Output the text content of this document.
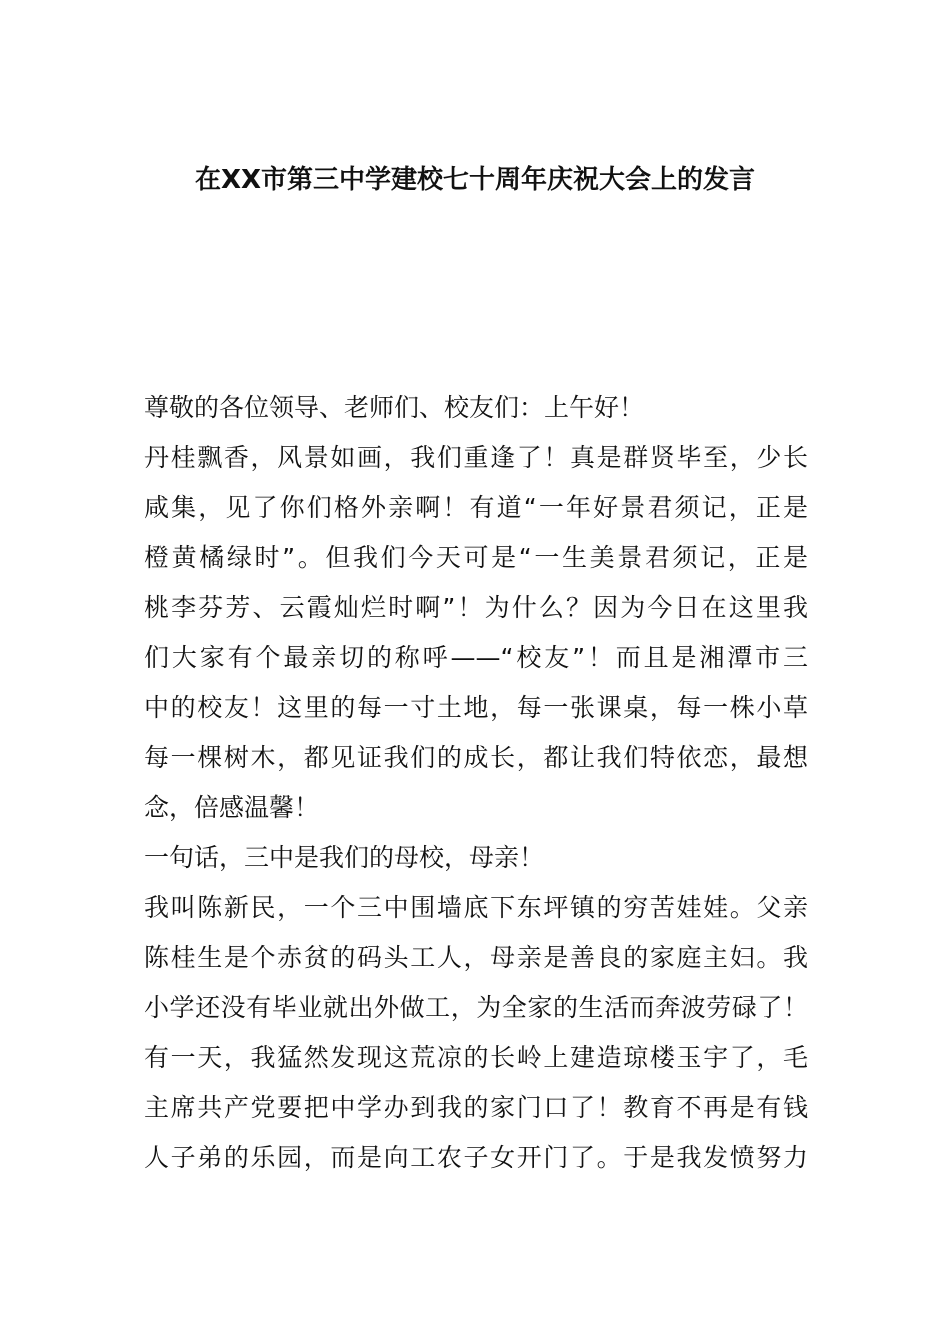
在XX市第三中学建校七十周年庆祝大会上的发言
尊敬的各位领导、老师们、校友们：上午好！
丹桂飘香，风景如画，我们重逢了！真是群贤毕至，少长
咸集，见了你们格外亲啊！有道“一年好景君须记，正是
橙黄橘绿时”。但我们今天可是“一生美景君须记，正是
桃李芬芳、云霞灿烂时啊”！为什么？因为今日在这里我
们大家有个最亲切的称呼——“校友”！而且是湘潭市三
中的校友！这里的每一寸土地，每一张课桌，每一株小草
每一棵树木，都见证我们的成长，都让我们特依恋，最想
念，倍感温馨！
一句话，三中是我们的母校，母亲！
我叫陈新民，一个三中围墙底下东坪镇的穷苦娃娃。父亲
陈桂生是个赤贫的码头工人，母亲是善良的家庭主妇。我
小学还没有毕业就出外做工，为全家的生活而奔波劳碌了！
有一天，我猛然发现这荒凉的长岭上建造琼楼玉宇了，毛
主席共产党要把中学办到我的家门口了！教育不再是有钱
人子弟的乐园，而是向工农子女开门了。于是我发愤努力
